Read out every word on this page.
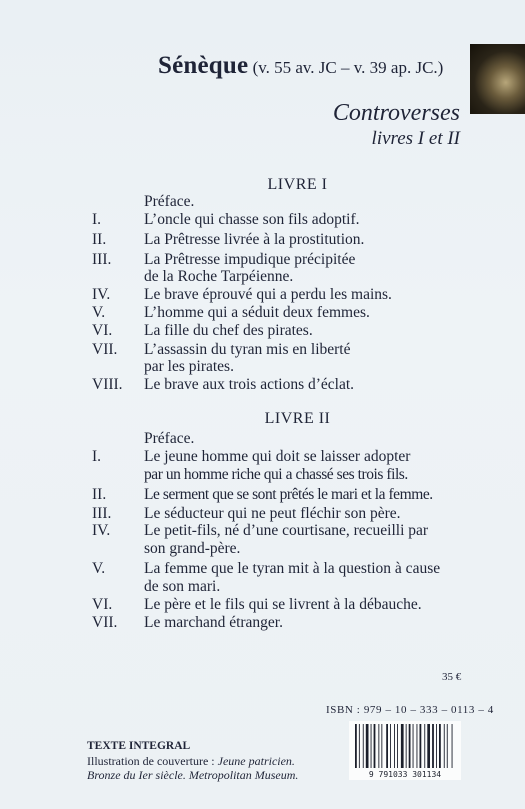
Sénèque (v. 55 av. JC – v. 39 ap. JC.)
Controverses
livres I et II
LIVRE I
Préface.
I.	L’oncle qui chasse son fils adoptif.
II. La Prêtresse livrée à la prostitution.
III. La Prêtresse impudique précipitée
de la Roche Tarpéienne.
IV. Le brave éprouvé qui a perdu les mains.
V.	L’homme qui a séduit deux femmes.
VI. La fille du chef des pirates.
VII. L’assassin du tyran mis en liberté
par les pirates.
VIII. Le brave aux trois actions d’éclat.
LIVRE II
Préface.
I.	Le jeune homme qui doit se laisser adopter
par un homme riche qui a chassé ses trois fils.
II. Le serment que se sont prêtés le mari et la femme.
III. Le séducteur qui ne peut fléchir son père.
IV. Le petit-fils, né d’une courtisane, recueilli par
son grand-père.
V.	La femme que le tyran mit à la question à cause
de son mari.
VI. Le père et le fils qui se livrent à la débauche.
VII. Le marchand étranger.
35 €
ISBN : 979 – 10 – 333 – 0113 – 4
9 791033 301134
TEXTE INTEGRAL
Illustration de couverture : Jeune patricien.
Bronze du Ier siècle. Metropolitan Museum.
